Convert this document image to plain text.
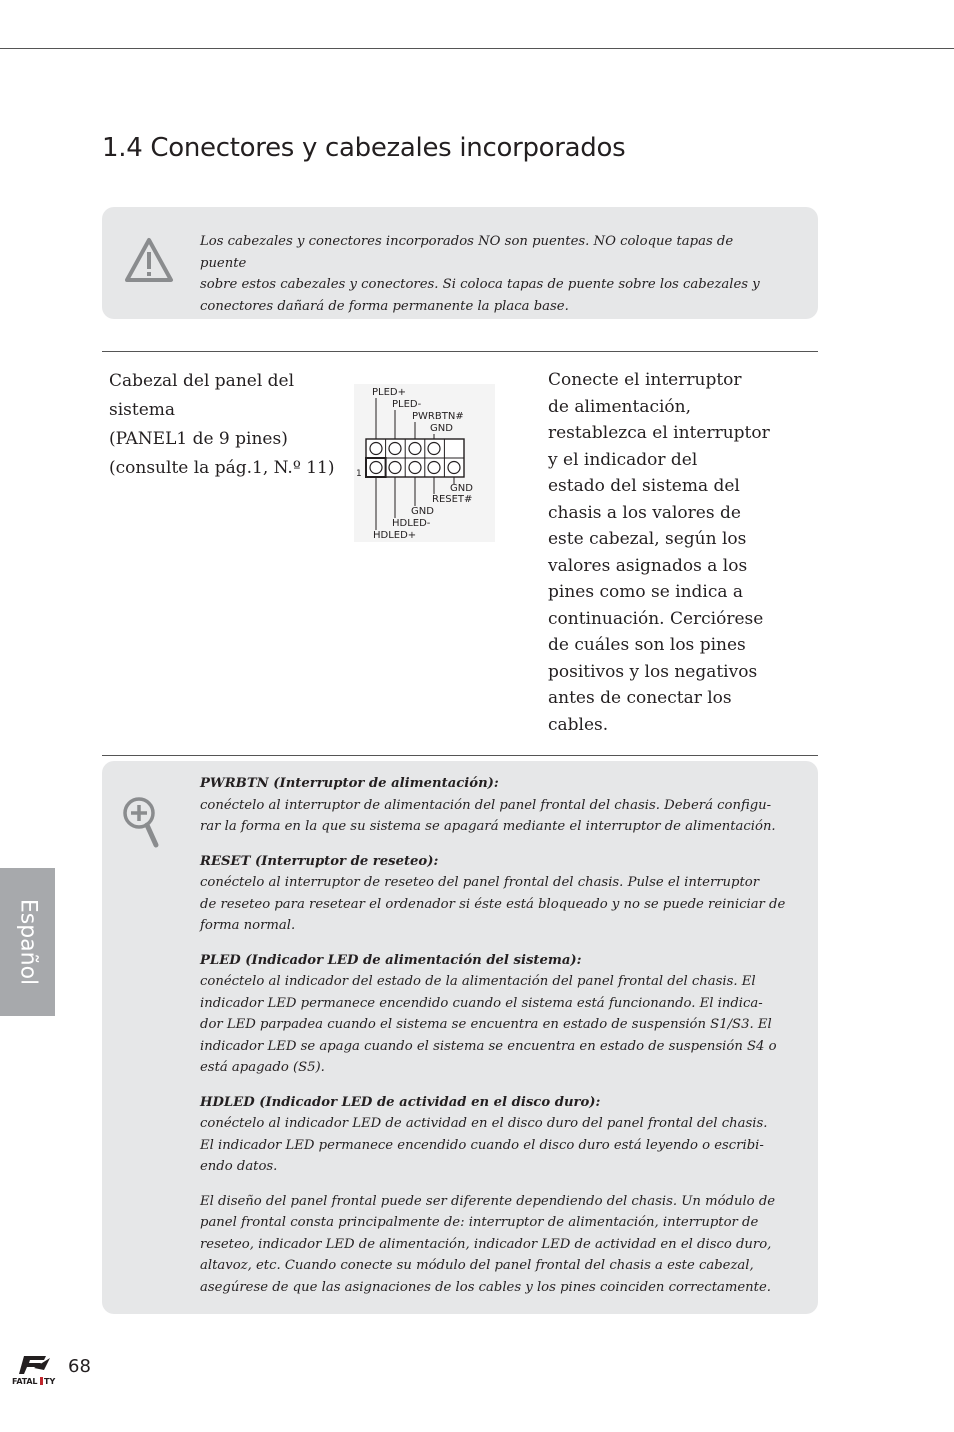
1.4 Conectores y cabezales incorporados
Los cabezales y conectores incorporados NO son puentes. NO coloque tapas de puente
sobre estos cabezales y conectores. Si coloca tapas de puente sobre los cabezales y
conectores dañará de forma permanente la placa base.
Cabezal del panel del
sistema
(PANEL1 de 9 pines)
(consulte la pág.1, N.º 11)
PLED+
PLED-
PWRBTN#
GND
1
GND
RESET#
GND
HDLED-
HDLED+
Conecte el interruptor
de alimentación,
restablezca el interruptor
y el indicador del
estado del sistema del
chasis a los valores de
este cabezal, según los
valores asignados a los
pines como se indica a
continuación. Cerciórese
de cuáles son los pines
positivos y los negativos
antes de conectar los
cables.
PWRBTN (Interruptor de alimentación):
conéctelo al interruptor de alimentación del panel frontal del chasis. Deberá configu-
rar la forma en la que su sistema se apagará mediante el interruptor de alimentación.
RESET (Interruptor de reseteo):
conéctelo al interruptor de reseteo del panel frontal del chasis. Pulse el interruptor
de reseteo para resetear el ordenador si éste está bloqueado y no se puede reiniciar de
forma normal.
PLED (Indicador LED de alimentación del sistema):
conéctelo al indicador del estado de la alimentación del panel frontal del chasis. El
indicador LED permanece encendido cuando el sistema está funcionando. El indica-
dor LED parpadea cuando el sistema se encuentra en estado de suspensión S1/S3. El
indicador LED se apaga cuando el sistema se encuentra en estado de suspensión S4 o
está apagado (S5).
HDLED (Indicador LED de actividad en el disco duro):
conéctelo al indicador LED de actividad en el disco duro del panel frontal del chasis.
El indicador LED permanece encendido cuando el disco duro está leyendo o escribi-
endo datos.
El diseño del panel frontal puede ser diferente dependiendo del chasis. Un módulo de
panel frontal consta principalmente de: interruptor de alimentación, interruptor de
reseteo, indicador LED de alimentación, indicador LED de actividad en el disco duro,
altavoz, etc. Cuando conecte su módulo del panel frontal del chasis a este cabezal,
asegúrese de que las asignaciones de los cables y los pines coinciden correctamente.
Español
FATAL TY
68
